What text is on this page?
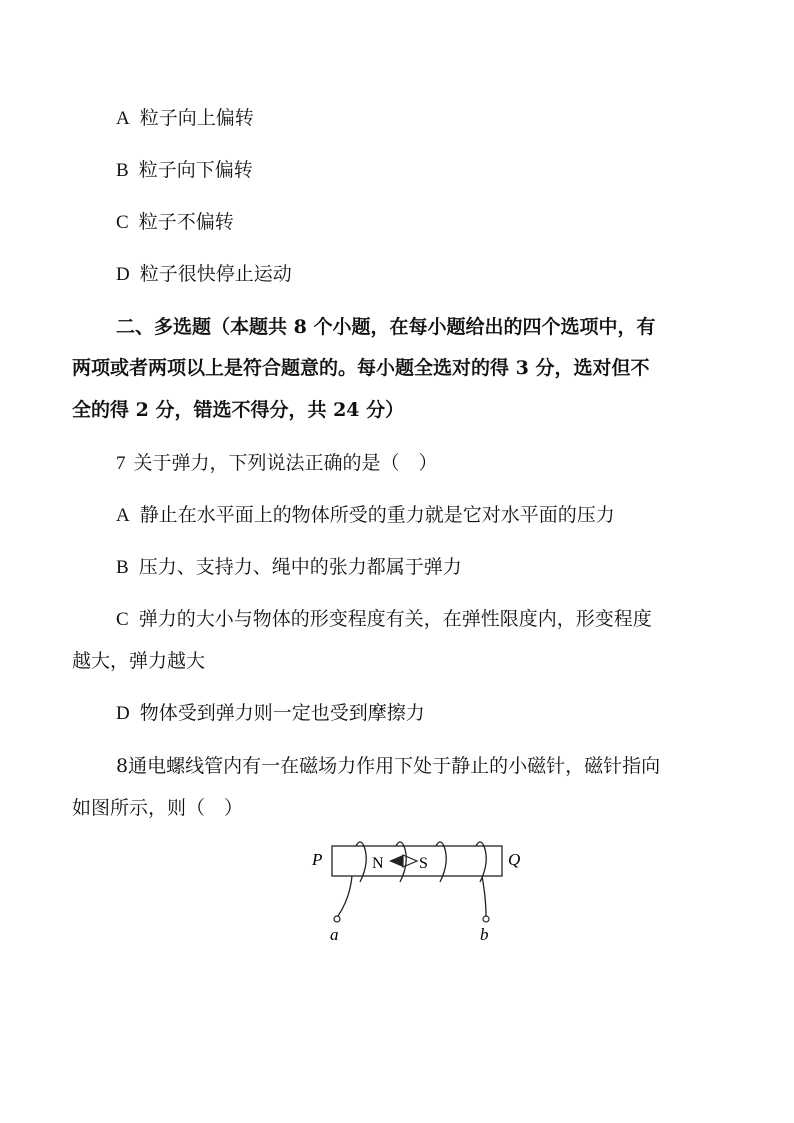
A 粒子向上偏转
B 粒子向下偏转
C 粒子不偏转
D 粒子很快停止运动
二、多选题（本题共 8 个小题，在每小题给出的四个选项中，有
两项或者两项以上是符合题意的。每小题全选对的得 3 分，选对但不
全的得 2 分，错选不得分，共 24 分）
7 关于弹力，下列说法正确的是（　）
A 静止在水平面上的物体所受的重力就是它对水平面的压力
B 压力、支持力、绳中的张力都属于弹力
C 弹力的大小与物体的形变程度有关，在弹性限度内，形变程度
越大，弹力越大
D 物体受到弹力则一定也受到摩擦力
8通电螺线管内有一在磁场力作用下处于静止的小磁针，磁针指向
如图所示，则（　）
P	Q
N S
a	b
